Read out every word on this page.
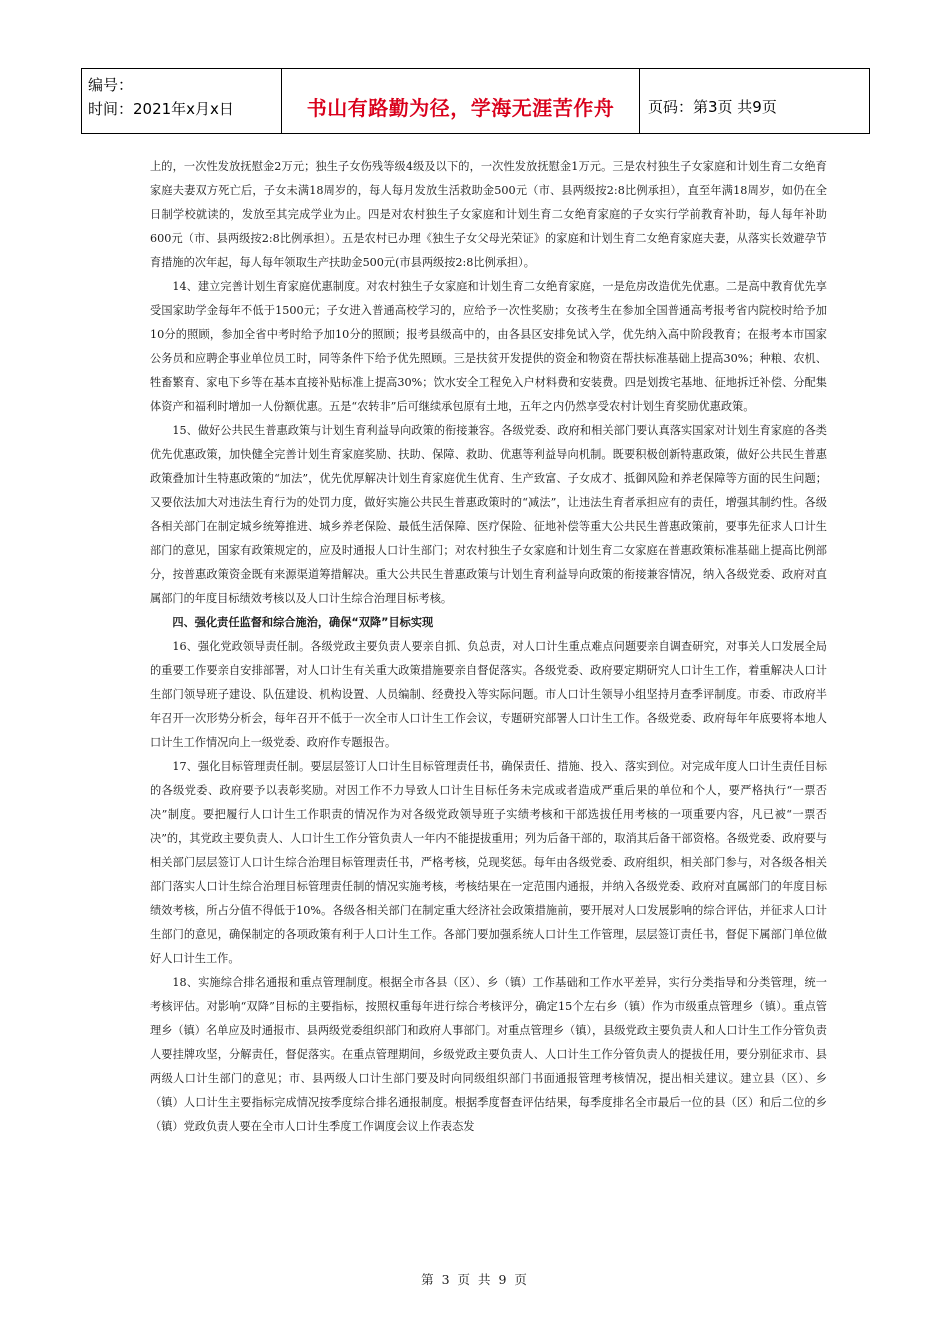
编号：
时间：2021年x月x日	书山有路勤为径，学海无涯苦作舟 页码：第3页 共9页

上的，一次性发放抚慰金2万元；独生子女伤残等级4级及以下的，一次性发放抚慰金1万元。三是农村独生子女家庭和计划生育二女绝育家庭夫妻双方死亡后，子女未满18周岁的，每人每月发放生活救助金500元（市、县两级按2:8比例承担），直至年满18周岁，如仍在全日制学校就读的，发放至其完成学业为止。四是对农村独生子女家庭和计划生育二女绝育家庭的子女实行学前教育补助，每人每年补助600元（市、县两级按2:8比例承担）。五是农村已办理《独生子女父母光荣证》的家庭和计划生育二女绝育家庭夫妻，从落实长效避孕节育措施的次年起，每人每年领取生产扶助金500元(市县两级按2:8比例承担）。

14、建立完善计划生育家庭优惠制度。对农村独生子女家庭和计划生育二女绝育家庭，一是危房改造优先优惠。二是高中教育优先享受国家助学金每年不低于1500元；子女进入普通高校学习的，应给予一次性奖励；女孩考生在参加全国普通高考报考省内院校时给予加10分的照顾，参加全省中考时给予加10分的照顾；报考县级高中的，由各县区安排免试入学，优先纳入高中阶段教育；在报考本市国家公务员和应聘企事业单位员工时，同等条件下给予优先照顾。三是扶贫开发提供的资金和物资在帮扶标准基础上提高30%；种粮、农机、牲畜繁育、家电下乡等在基本直接补贴标准上提高30%；饮水安全工程免入户材料费和安装费。四是划拨宅基地、征地拆迁补偿、分配集体资产和福利时增加一人份额优惠。五是“农转非”后可继续承包原有土地，五年之内仍然享受农村计划生育奖励优惠政策。

15、做好公共民生普惠政策与计划生育利益导向政策的衔接兼容。各级党委、政府和相关部门要认真落实国家对计划生育家庭的各类优先优惠政策，加快健全完善计划生育家庭奖励、扶助、保障、救助、优惠等利益导向机制。既要积极创新特惠政策，做好公共民生普惠政策叠加计生特惠政策的“加法”，优先优厚解决计划生育家庭优生优育、生产致富、子女成才、抵御风险和养老保障等方面的民生问题；又要依法加大对违法生育行为的处罚力度，做好实施公共民生普惠政策时的“减法”，让违法生育者承担应有的责任，增强其制约性。各级各相关部门在制定城乡统筹推进、城乡养老保险、最低生活保障、医疗保险、征地补偿等重大公共民生普惠政策前，要事先征求人口计生部门的意见，国家有政策规定的，应及时通报人口计生部门；对农村独生子女家庭和计划生育二女家庭在普惠政策标准基础上提高比例部分，按普惠政策资金既有来源渠道筹措解决。重大公共民生普惠政策与计划生育利益导向政策的衔接兼容情况，纳入各级党委、政府对直属部门的年度目标绩效考核以及人口计生综合治理目标考核。

四、强化责任监督和综合施治，确保“双降”目标实现

16、强化党政领导责任制。各级党政主要负责人要亲自抓、负总责，对人口计生重点难点问题要亲自调查研究，对事关人口发展全局的重要工作要亲自安排部署，对人口计生有关重大政策措施要亲自督促落实。各级党委、政府要定期研究人口计生工作，着重解决人口计生部门领导班子建设、队伍建设、机构设置、人员编制、经费投入等实际问题。市人口计生领导小组坚持月查季评制度。市委、市政府半年召开一次形势分析会，每年召开不低于一次全市人口计生工作会议，专题研究部署人口计生工作。各级党委、政府每年年底要将本地人口计生工作情况向上一级党委、政府作专题报告。

17、强化目标管理责任制。要层层签订人口计生目标管理责任书，确保责任、措施、投入、落实到位。对完成年度人口计生责任目标的各级党委、政府要予以表彰奖励。对因工作不力导致人口计生目标任务未完成或者造成严重后果的单位和个人，要严格执行“一票否决”制度。要把履行人口计生工作职责的情况作为对各级党政领导班子实绩考核和干部选拔任用考核的一项重要内容，凡已被“一票否决”的，其党政主要负责人、人口计生工作分管负责人一年内不能提拔重用；列为后备干部的，取消其后备干部资格。各级党委、政府要与相关部门层层签订人口计生综合治理目标管理责任书，严格考核，兑现奖惩。每年由各级党委、政府组织，相关部门参与，对各级各相关部门落实人口计生综合治理目标管理责任制的情况实施考核，考核结果在一定范围内通报，并纳入各级党委、政府对直属部门的年度目标绩效考核，所占分值不得低于10%。各级各相关部门在制定重大经济社会政策措施前，要开展对人口发展影响的综合评估，并征求人口计生部门的意见，确保制定的各项政策有利于人口计生工作。各部门要加强系统人口计生工作管理，层层签订责任书，督促下属部门单位做好人口计生工作。

18、实施综合排名通报和重点管理制度。根据全市各县（区）、乡（镇）工作基础和工作水平差异，实行分类指导和分类管理，统一考核评估。对影响“双降”目标的主要指标，按照权重每年进行综合考核评分，确定15个左右乡（镇）作为市级重点管理乡（镇）。重点管理乡（镇）名单应及时通报市、县两级党委组织部门和政府人事部门。对重点管理乡（镇），县级党政主要负责人和人口计生工作分管负责人要挂牌攻坚，分解责任，督促落实。在重点管理期间，乡级党政主要负责人、人口计生工作分管负责人的提拔任用，要分别征求市、县两级人口计生部门的意见；市、县两级人口计生部门要及时向同级组织部门书面通报管理考核情况，提出相关建议。建立县（区）、乡（镇）人口计生主要指标完成情况按季度综合排名通报制度。根据季度督查评估结果，每季度排名全市最后一位的县（区）和后二位的乡（镇）党政负责人要在全市人口计生季度工作调度会议上作表态发

第 3 页 共 9 页
